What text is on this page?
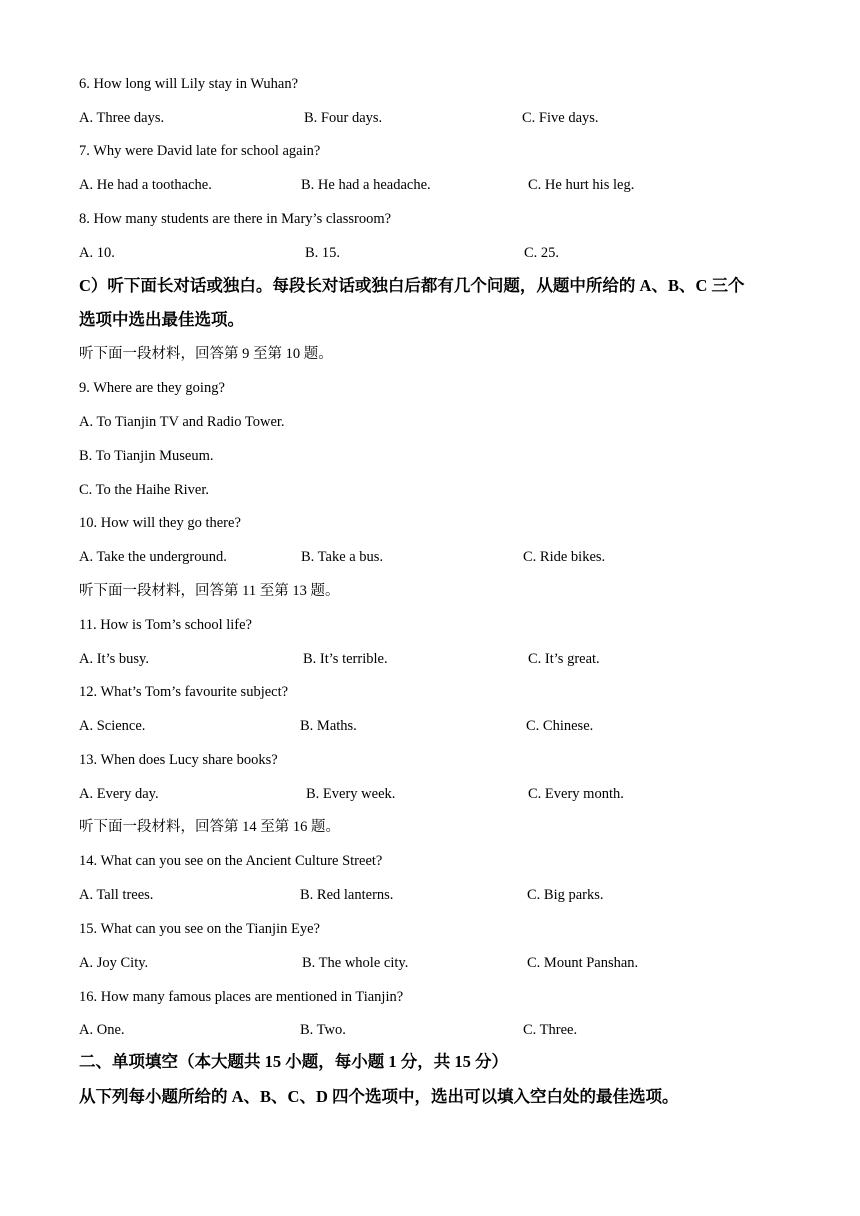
6. How long will Lily stay in Wuhan?
A. Three days.	B. Four days.	C. Five days.
7. Why were David late for school again?
A. He had a toothache.	B. He had a headache.	C. He hurt his leg.
8. How many students are there in Mary’s classroom?
A. 10.	B. 15.	C. 25.
C）听下面长对话或独白。每段长对话或独白后都有几个问题，从题中所给的 A、B、C 三个
选项中选出最佳选项。
听下面一段材料，回答第 9 至第 10 题。
9. Where are they going?
A. To Tianjin TV and Radio Tower.
B. To Tianjin Museum.
C. To the Haihe River.
10. How will they go there?
A. Take the underground.	B. Take a bus.	C. Ride bikes.
听下面一段材料，回答第 11 至第 13 题。
11. How is Tom’s school life?
A. It’s busy.	B. It’s terrible.	C. It’s great.
12. What’s Tom’s favourite subject?
A. Science.	B. Maths.	C. Chinese.
13. When does Lucy share books?
A. Every day.	B. Every week.	C. Every month.
听下面一段材料，回答第 14 至第 16 题。
14. What can you see on the Ancient Culture Street?
A. Tall trees.	B. Red lanterns.	C. Big parks.
15. What can you see on the Tianjin Eye?
A. Joy City.	B. The whole city.	C. Mount Panshan.
16. How many famous places are mentioned in Tianjin?
A. One.	B. Two.	C. Three.
二、单项填空（本大题共 15 小题，每小题 1 分，共 15 分）
从下列每小题所给的 A、B、C、D 四个选项中，选出可以填入空白处的最佳选项。
